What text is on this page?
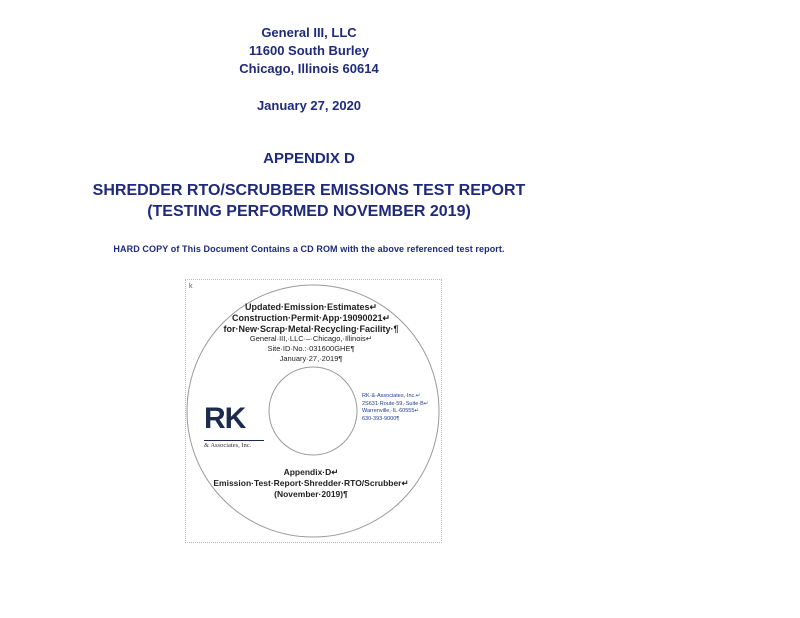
General III, LLC
11600 South Burley
Chicago, Illinois 60614
January 27, 2020
APPENDIX D
SHREDDER RTO/SCRUBBER EMISSIONS TEST REPORT
(TESTING PERFORMED NOVEMBER 2019)
HARD COPY of This Document Contains a CD ROM with the above referenced test report.
k
Updated·Emission·Estimates↵
Construction·Permit·App·19090021↵
for·New·Scrap·Metal·Recycling·Facility·¶
General·III,·LLC·–·Chicago,·Illinois↵
Site·ID·No.:·031600GHE¶
January·27,·2019¶
RK
& Associates, Inc.
RK·&·Associates,·Inc.↵
2S631·Route·59,·Suite·B↵
Warrenville,·IL·60555↵
630-393-9000¶
Appendix·D↵
Emission·Test·Report·Shredder·RTO/Scrubber↵
(November·2019)¶
